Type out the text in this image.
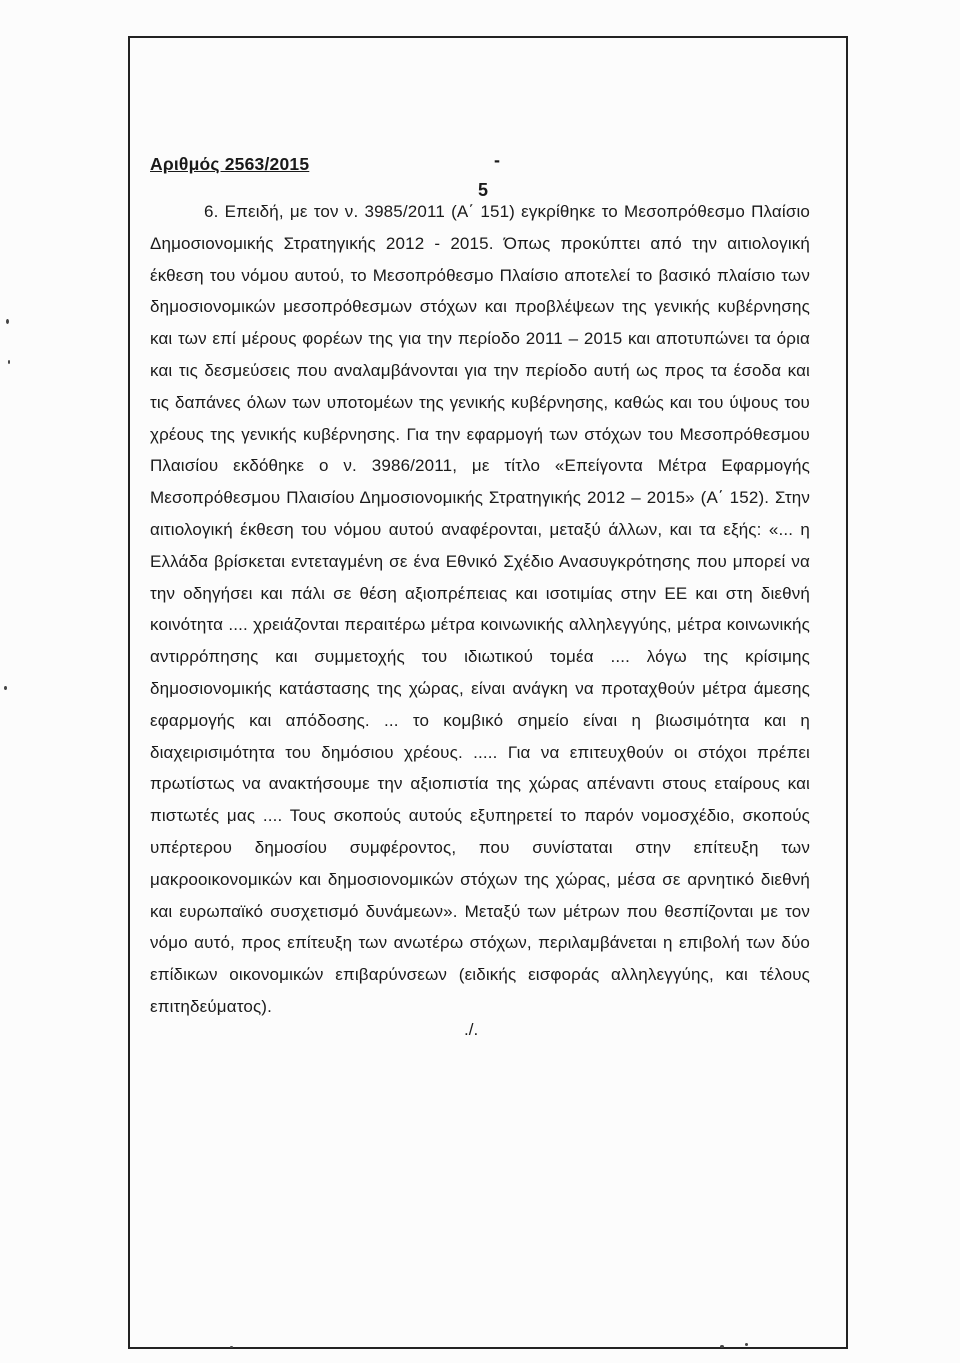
Αριθμός 2563/2015	-
5

6. Επειδή, με τον ν. 3985/2011 (Α΄ 151) εγκρίθηκε το Μεσοπρόθεσμο Πλαίσιο Δημοσιονομικής Στρατηγικής 2012 - 2015. Όπως προκύπτει από την αιτιολογική έκθεση του νόμου αυτού, το Μεσοπρόθεσμο Πλαίσιο αποτελεί το βασικό πλαίσιο των δημοσιονομικών μεσοπρόθεσμων στόχων και προβλέψεων της γενικής κυβέρνησης και των επί μέρους φορέων της για την περίοδο 2011 – 2015 και αποτυπώνει τα όρια και τις δεσμεύσεις που αναλαμβάνονται για την περίοδο αυτή ως προς τα έσοδα και τις δαπάνες όλων των υποτομέων της γενικής κυβέρνησης, καθώς και του ύψους του χρέους της γενικής κυβέρνησης. Για την εφαρμογή των στόχων του Μεσοπρόθεσμου Πλαισίου εκδόθηκε ο ν. 3986/2011, με τίτλο «Επείγοντα Μέτρα Εφαρμογής Μεσοπρόθεσμου Πλαισίου Δημοσιονομικής Στρατηγικής 2012 – 2015» (Α΄ 152). Στην αιτιολογική έκθεση του νόμου αυτού αναφέρονται, μεταξύ άλλων, και τα εξής: «... η Ελλάδα βρίσκεται εντεταγμένη σε ένα Εθνικό Σχέδιο Ανασυγκρότησης που μπορεί να την οδηγήσει και πάλι σε θέση αξιοπρέπειας και ισοτιμίας στην ΕΕ και στη διεθνή κοινότητα .... χρειάζονται περαιτέρω μέτρα κοινωνικής αλληλεγγύης, μέτρα κοινωνικής αντιρρόπησης και συμμετοχής του ιδιωτικού τομέα .... λόγω της κρίσιμης δημοσιονομικής κατάστασης της χώρας, είναι ανάγκη να προταχθούν μέτρα άμεσης εφαρμογής και απόδοσης. ... το κομβικό σημείο είναι η βιωσιμότητα και η διαχειρισιμότητα του δημόσιου χρέους. ..... Για να επιτευχθούν οι στόχοι πρέπει πρωτίστως να ανακτήσουμε την αξιοπιστία της χώρας απέναντι στους εταίρους και πιστωτές μας .... Τους σκοπούς αυτούς εξυπηρετεί το παρόν νομοσχέδιο, σκοπούς υπέρτερου δημοσίου συμφέροντος, που συνίσταται στην επίτευξη των μακροοικονομικών και δημοσιονομικών στόχων της χώρας, μέσα σε αρνητικό διεθνή και ευρωπαϊκό συσχετισμό δυνάμεων». Μεταξύ των μέτρων που θεσπίζονται με τον νόμο αυτό, προς επίτευξη των ανωτέρω στόχων, περιλαμβάνεται η επιβολή των δύο επίδικων οικονομικών επιβαρύνσεων (ειδικής εισφοράς αλληλεγγύης, και τέλους επιτηδεύματος).

./.
